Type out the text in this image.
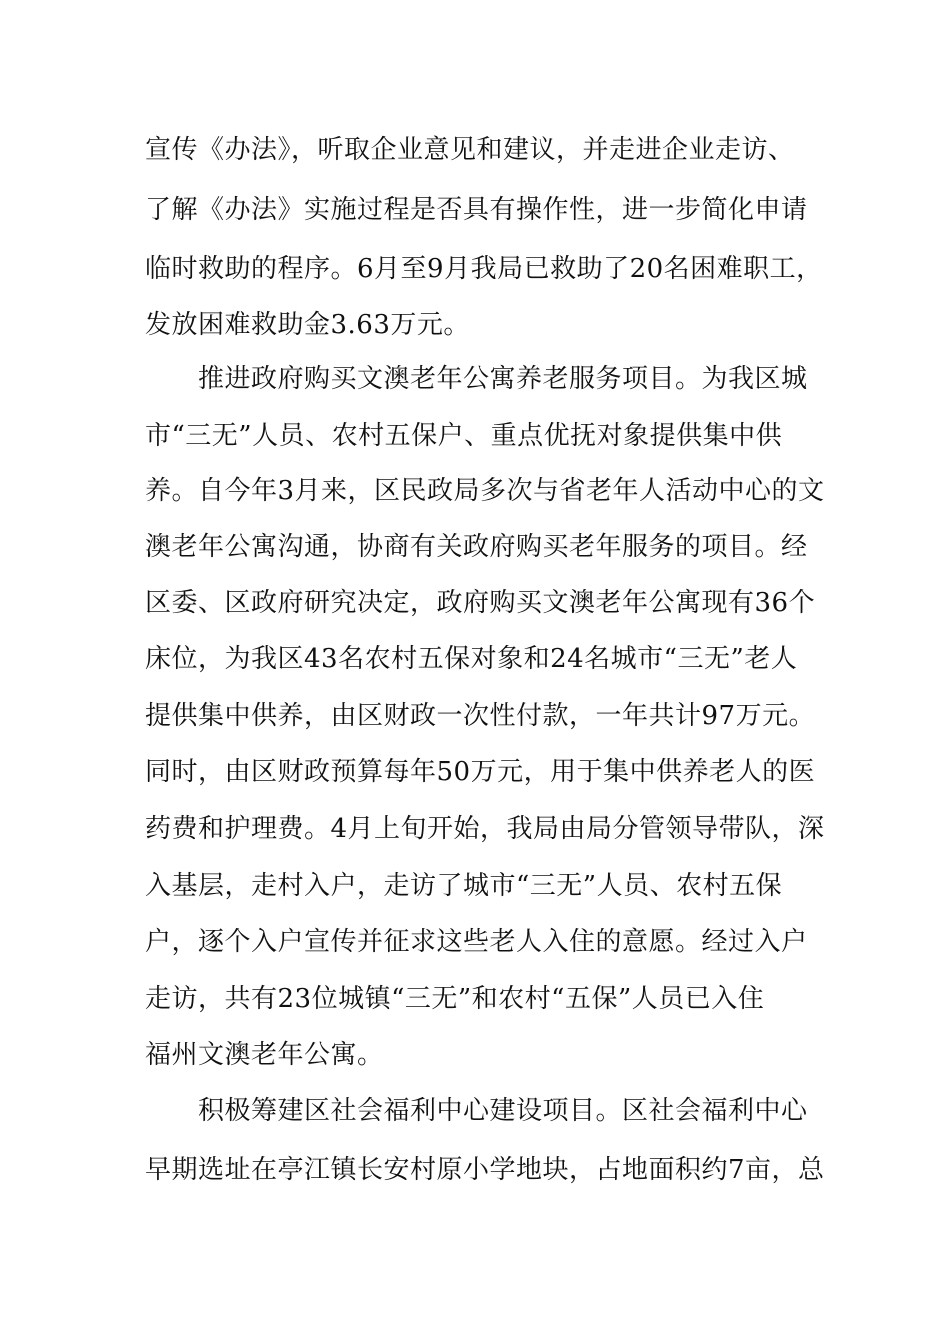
宣传《办法》，听取企业意见和建议，并走进企业走访、
了解《办法》实施过程是否具有操作性，进一步简化申请
临时救助的程序。6月至9月我局已救助了20名困难职工，
发放困难救助金3.63万元。
推进政府购买文澳老年公寓养老服务项目。为我区城
市“三无”人员、农村五保户、重点优抚对象提供集中供
养。自今年3月来，区民政局多次与省老年人活动中心的文
澳老年公寓沟通，协商有关政府购买老年服务的项目。经
区委、区政府研究决定，政府购买文澳老年公寓现有36个
床位，为我区43名农村五保对象和24名城市“三无”老人
提供集中供养，由区财政一次性付款，一年共计97万元。
同时，由区财政预算每年50万元，用于集中供养老人的医
药费和护理费。4月上旬开始，我局由局分管领导带队，深
入基层，走村入户，走访了城市“三无”人员、农村五保
户，逐个入户宣传并征求这些老人入住的意愿。经过入户
走访，共有23位城镇“三无”和农村“五保”人员已入住
福州文澳老年公寓。
积极筹建区社会福利中心建设项目。区社会福利中心
早期选址在亭江镇长安村原小学地块，占地面积约7亩，总
